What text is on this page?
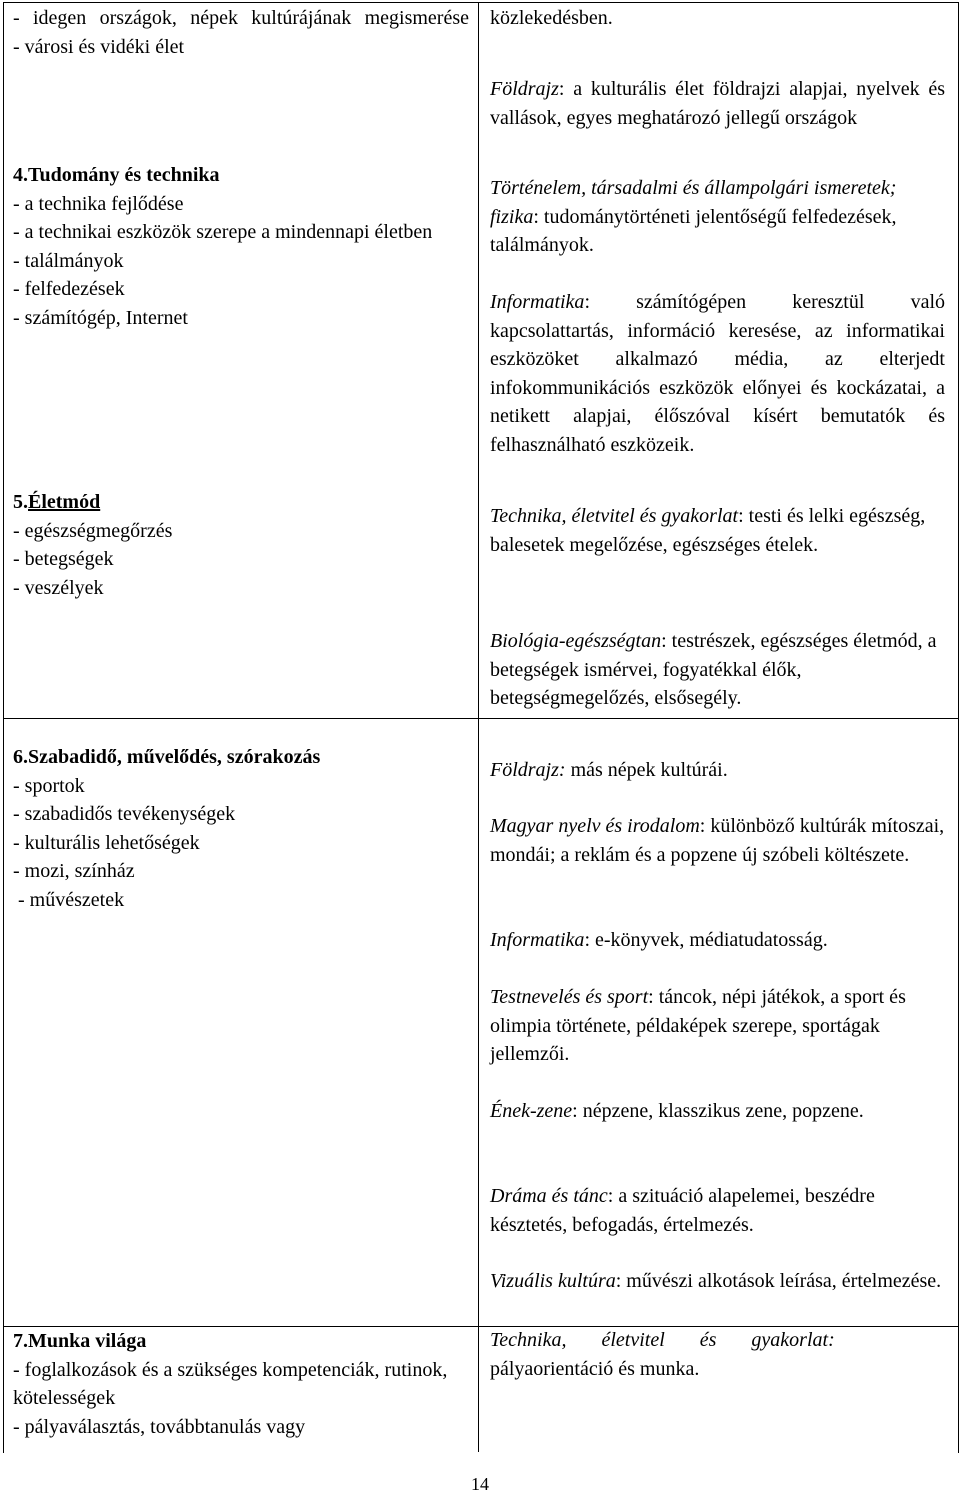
- idegen országok, népek kultúrájának megismerése
- városi és vidéki élet
4.Tudomány és technika
- a technika fejlődése
- a technikai eszközök szerepe a mindennapi életben
- találmányok
- felfedezések
- számítógép, Internet
5.Életmód
- egészségmegőrzés
- betegségek
- veszélyek
6.Szabadidő, művelődés, szórakozás
- sportok
- szabadidős tevékenységek
- kulturális lehetőségek
- mozi, színház
- művészetek
7.Munka világa
- foglalkozások és a szükséges kompetenciák, rutinok, kötelességek
- pályaválasztás, továbbtanulás vagy
közlekedésben.
Földrajz: a kulturális élet földrajzi alapjai, nyelvek és vallások, egyes meghatározó jellegű országok
Történelem, társadalmi és állampolgári ismeretek; fizika: tudománytörténeti jelentőségű felfedezések, találmányok.
Informatika: számítógépen keresztül való kapcsolattartás, információ keresése, az informatikai eszközöket alkalmazó média, az elterjedt infokommunikációs eszközök előnyei és kockázatai, a netikett alapjai, élőszóval kísért bemutatók és felhasználható eszközeik.
Technika, életvitel és gyakorlat: testi és lelki egészség, balesetek megelőzése, egészséges ételek.
Biológia-egészségtan: testrészek, egészséges életmód, a betegségek ismérvei, fogyatékkal élők, betegségmegelőzés, elsősegély.
Földrajz: más népek kultúrái.
Magyar nyelv és irodalom: különböző kultúrák mítoszai, mondái; a reklám és a popzene új szóbeli költészete.
Informatika: e-könyvek, médiatudatosság.
Testnevelés és sport: táncok, népi játékok, a sport és olimpia története, példaképek szerepe, sportágak jellemzői.
Ének-zene: népzene, klasszikus zene, popzene.
Dráma és tánc: a szituáció alapelemei, beszédre késztetés, befogadás, értelmezés.
Vizuális kultúra: művészi alkotások leírása, értelmezése.
Technika, életvitel és gyakorlat: pályaorientáció és munka.
14
